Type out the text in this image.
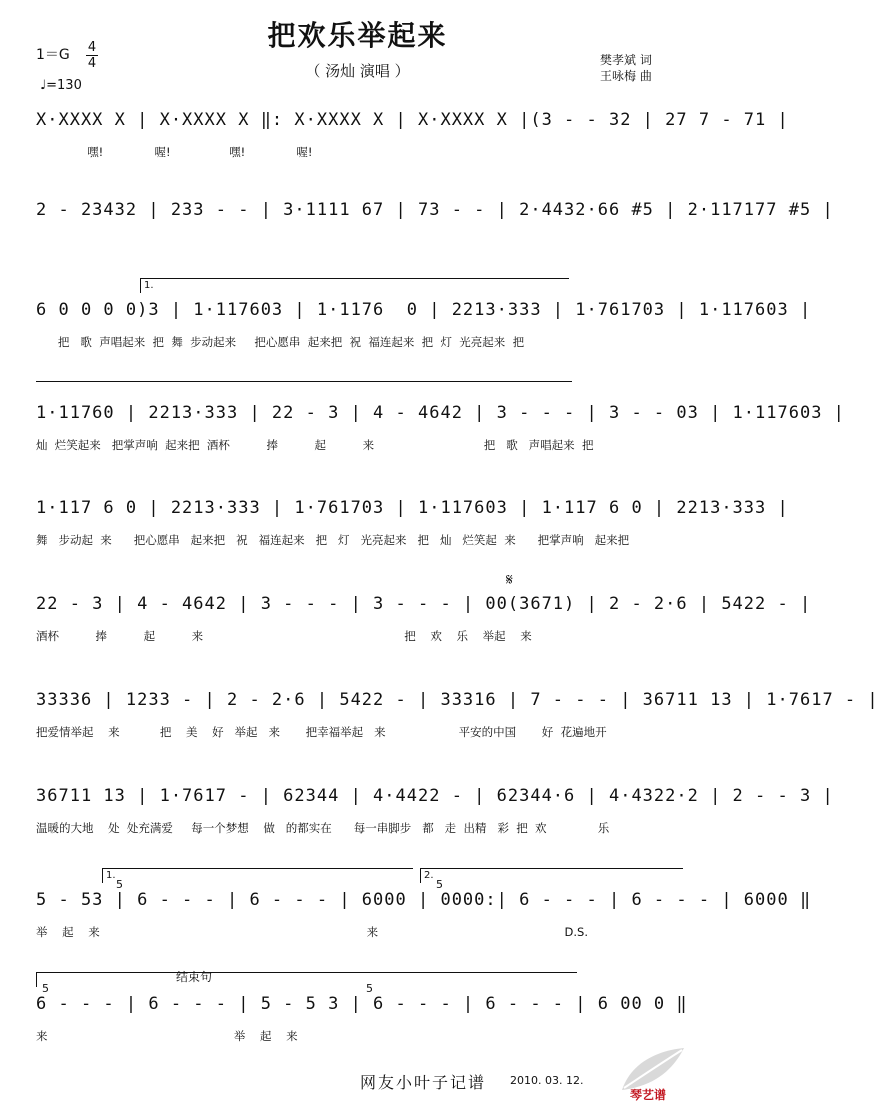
把欢乐举起来
（ 汤灿 演唱 ）
1＝G 4
4
♩=130
樊孝斌 词
王咏梅 曲
X·XXXX X | X·XXXX X ‖: X·XXXX X | X·XXXX X |(3 - - 32 | 27 7 - 71 |
嘿!              喔!                嘿!              喔!
2 - 23432 | 233 - - | 3·1111 67 | 73 - - | 2·4432·66 #5 | 2·117177 #5 |
1.
6 0 0 0 0)3 | 1·117603 | 1·1176  0 | 2213·333 | 1·761703 | 1·117603 |
把   歌  声唱起来  把  舞  步动起来     把心愿串  起来把  祝  福连起来  把  灯  光亮起来  把
1·11760 | 2213·333 | 22 - 3 | 4 - 4642 | 3 - - - | 3 - - 03 | 1·117603 |
灿  烂笑起来   把掌声响  起来把  酒杯          捧          起          来                              把   歌   声唱起来  把
1·117 6 0 | 2213·333 | 1·761703 | 1·117603 | 1·117 6 0 | 2213·333 |
舞   步动起  来      把心愿串   起来把   祝   福连起来   把   灯   光亮起来   把   灿   烂笑起  来      把掌声响   起来把
𝄋
22 - 3 | 4 - 4642 | 3 - - - | 3 - - - | 00(3671) | 2 - 2·6 | 5422 - |
酒杯          捧          起          来                                                       把    欢    乐    举起    来
33336 | 1233 - | 2 - 2·6 | 5422 - | 33316 | 7 - - - | 36711 13 | 1·7617 - |
把爱情举起    来           把    美    好   举起   来       把幸福举起   来                    平安的中国       好  花遍地开
36711 13 | 1·7617 - | 62344 | 4·4422 - | 62344·6 | 4·4322·2 | 2 - - 3 |
温暖的大地    处  处充满爱     每一个梦想    做   的都实在      每一串脚步   都   走  出精   彩  把  欢              乐
1.
5
2.
5
5 - 53 | 6 - - - | 6 - - - | 6000 | 0000:| 6 - - - | 6 - - - | 6000 ‖
举    起    来                                                                         来                                                   D.S.
结束句
5	5
6 - - - | 6 - - - | 5 - 5 3 | 6 - - - | 6 - - - | 6 00 0 ‖
来                                                   举    起    来
网友小叶子记谱 2010. 03. 12.
琴艺谱
